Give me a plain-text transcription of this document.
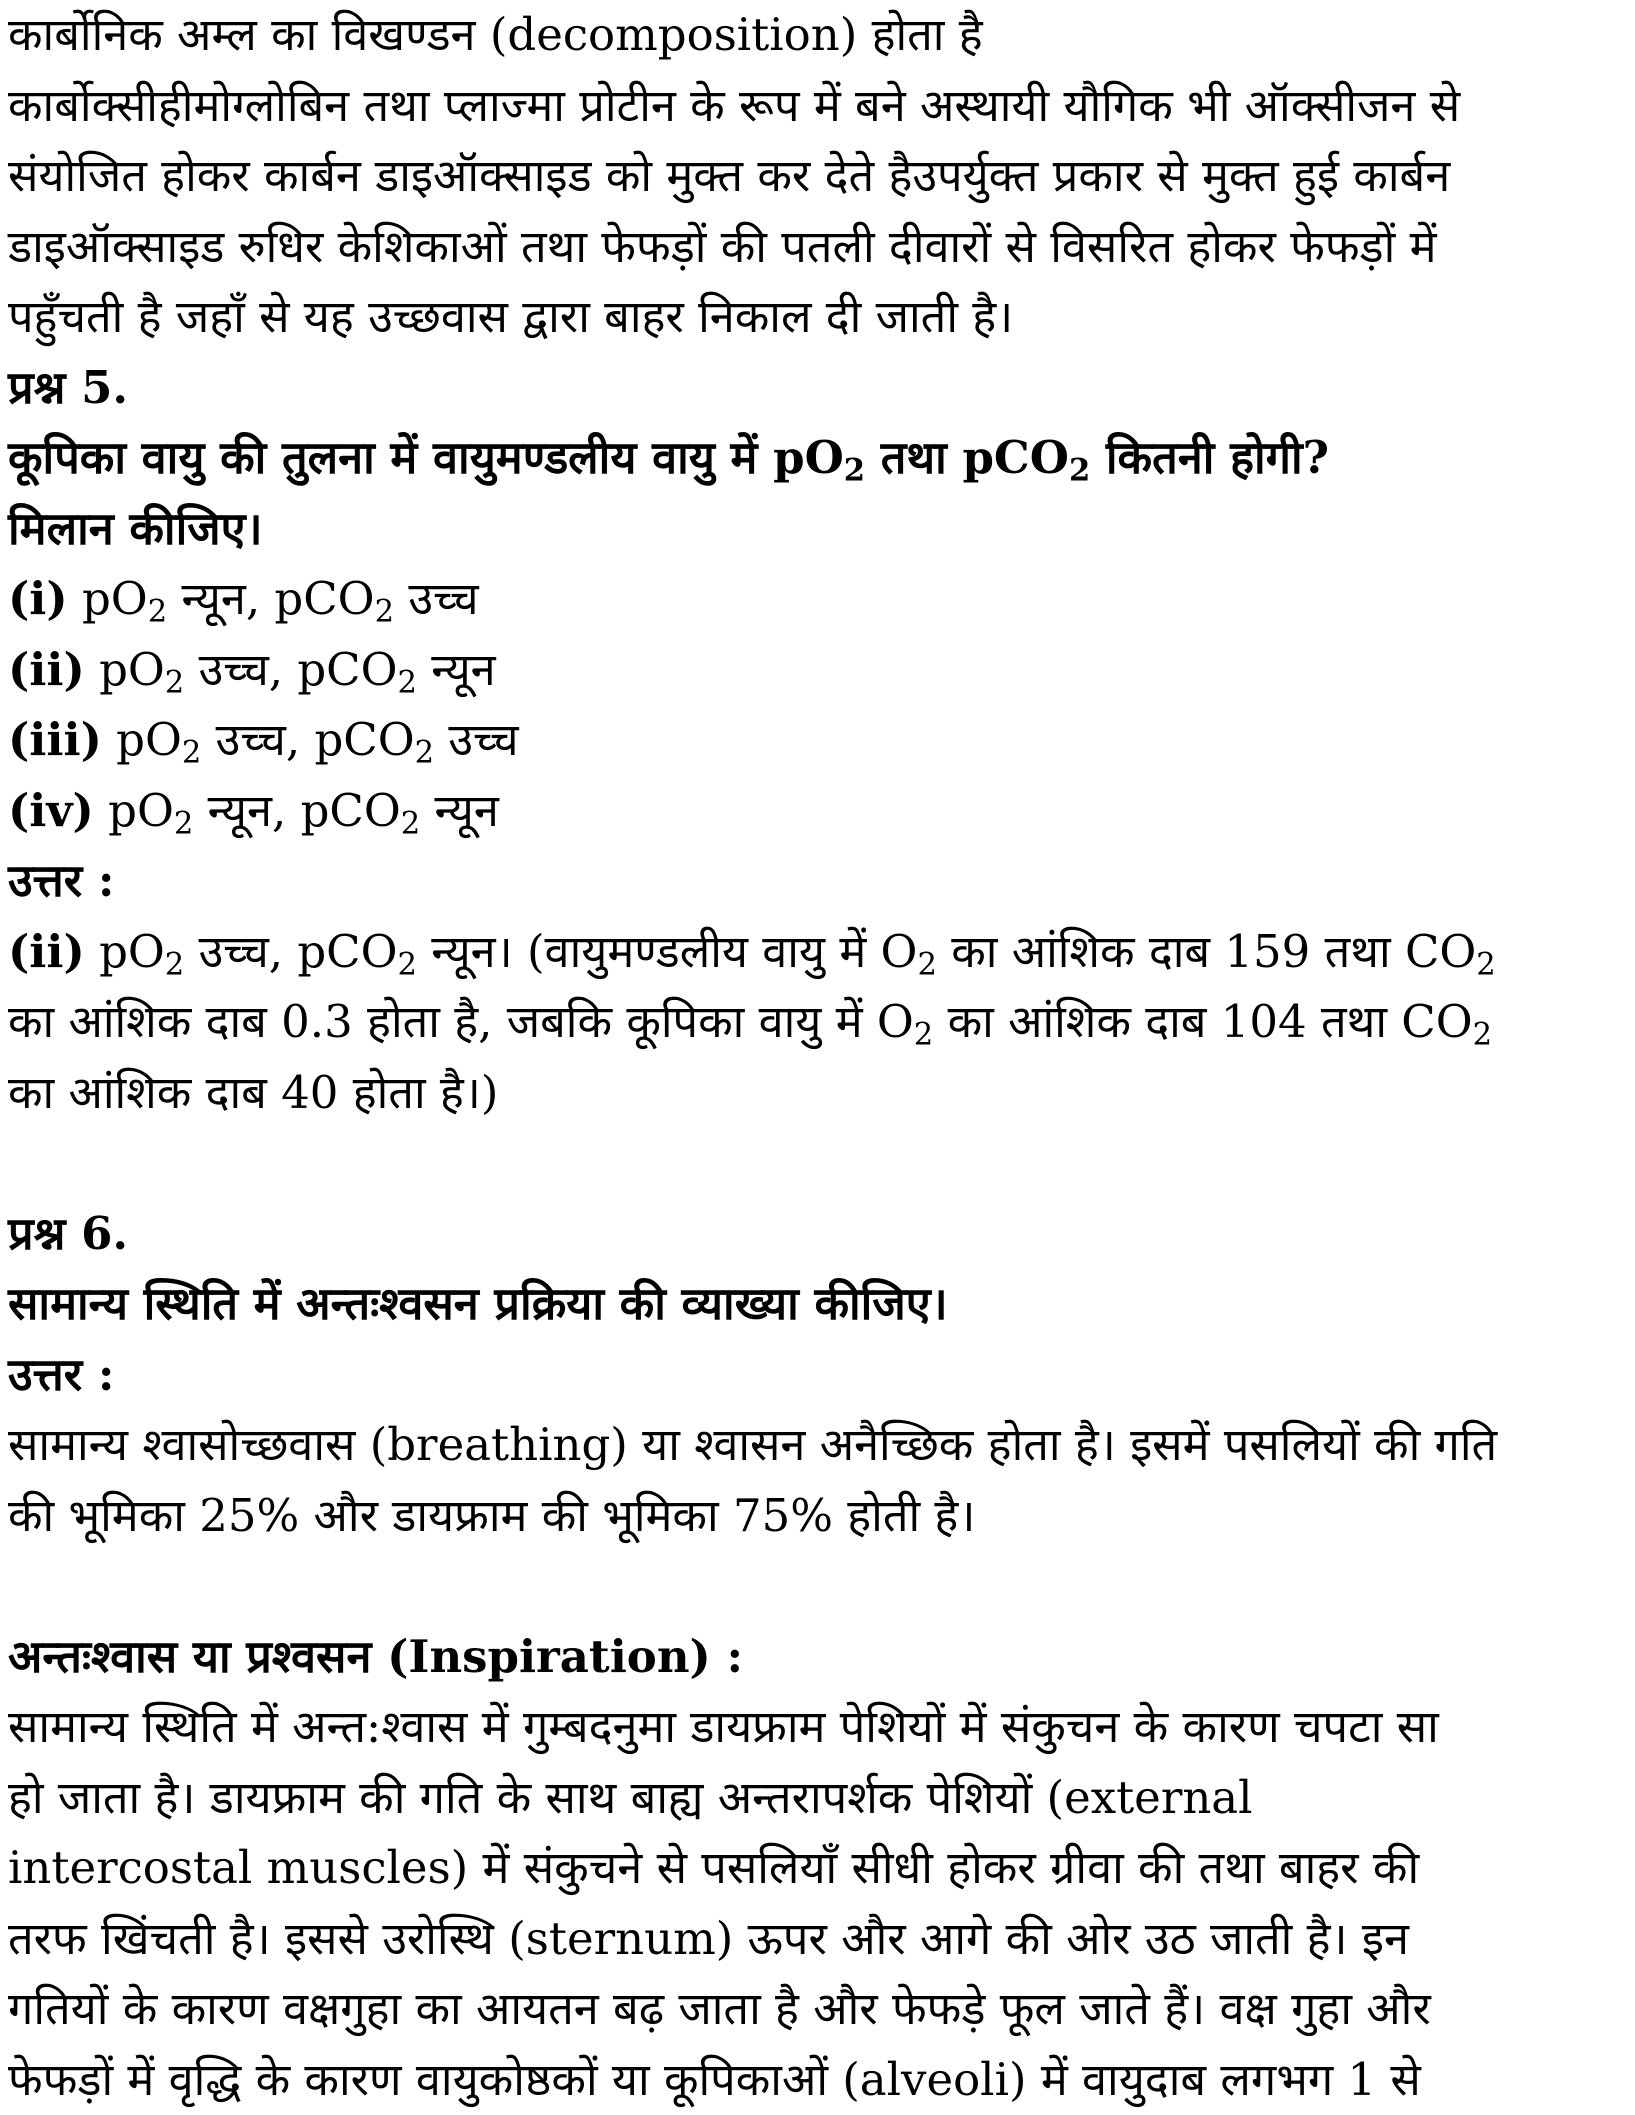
कार्बोनिक अम्ल का विखण्डन (decomposition) होता है
कार्बोक्सीहीमोग्लोबिन तथा प्लाज्मा प्रोटीन के रूप में बने अस्थायी यौगिक भी ऑक्सीजन से
संयोजित होकर कार्बन डाइऑक्साइड को मुक्त कर देते हैउपर्युक्त प्रकार से मुक्त हुई कार्बन
डाइऑक्साइड रुधिर केशिकाओं तथा फेफड़ों की पतली दीवारों से विसरित होकर फेफड़ों में
पहुँचती है जहाँ से यह उच्छवास द्वारा बाहर निकाल दी जाती है।
प्रश्न 5.
कूपिका वायु की तुलना में वायुमण्डलीय वायु में $pO_2$ तथा pCO$_2$ कितनी होगी?
मिलान कीजिए।
(i) $pO_2$ न्यून, pCO$_2$ उच्च
(ii) $pO_2$ उच्च, pCO$_2$ न्यून
(iii) $pO_2$ उच्च, pCO$_2$ उच्च
(iv) $pO_2$ न्यून, pCO$_2$ न्यून
उत्तर :
(ii) $pO_2$ उच्च, pCO$_2$ न्यून। (वायुमण्डलीय वायु में $O_2$ का आंशिक दाब 159 तथा $CO_2$
का आंशिक दाब 0.3 होता है, जबकि कूपिका वायु में $O_2$ का आंशिक दाब 104 तथा $CO_2$
का आंशिक दाब 40 होता है।)
प्रश्न 6.
सामान्य स्थिति में अन्तःश्वसन प्रक्रिया की व्याख्या कीजिए।
उत्तर :
सामान्य श्वासोच्छवास (breathing) या श्वासन अनैच्छिक होता है। इसमें पसलियों की गति
की भूमिका 25% और डायफ्राम की भूमिका 75% होती है।
अन्तःश्वास या प्रश्वसन (Inspiration) :
सामान्य स्थिति में अन्त:श्वास में गुम्बदनुमा डायफ्राम पेशियों में संकुचन के कारण चपटा सा
हो जाता है। डायफ्राम की गति के साथ बाह्य अन्तरापर्शक पेशियों (external
intercostal muscles) में संकुचने से पसलियाँ सीधी होकर ग्रीवा की तथा बाहर की
तरफ खिंचती है। इससे उरोस्थि (sternum) ऊपर और आगे की ओर उठ जाती है। इन
गतियों के कारण वक्षगुहा का आयतन बढ़ जाता है और फेफड़े फूल जाते हैं। वक्ष गुहा और
फेफड़ों में वृद्धि के कारण वायुकोष्ठकों या कूपिकाओं (alveoli) में वायुदाब लगभग 1 से
